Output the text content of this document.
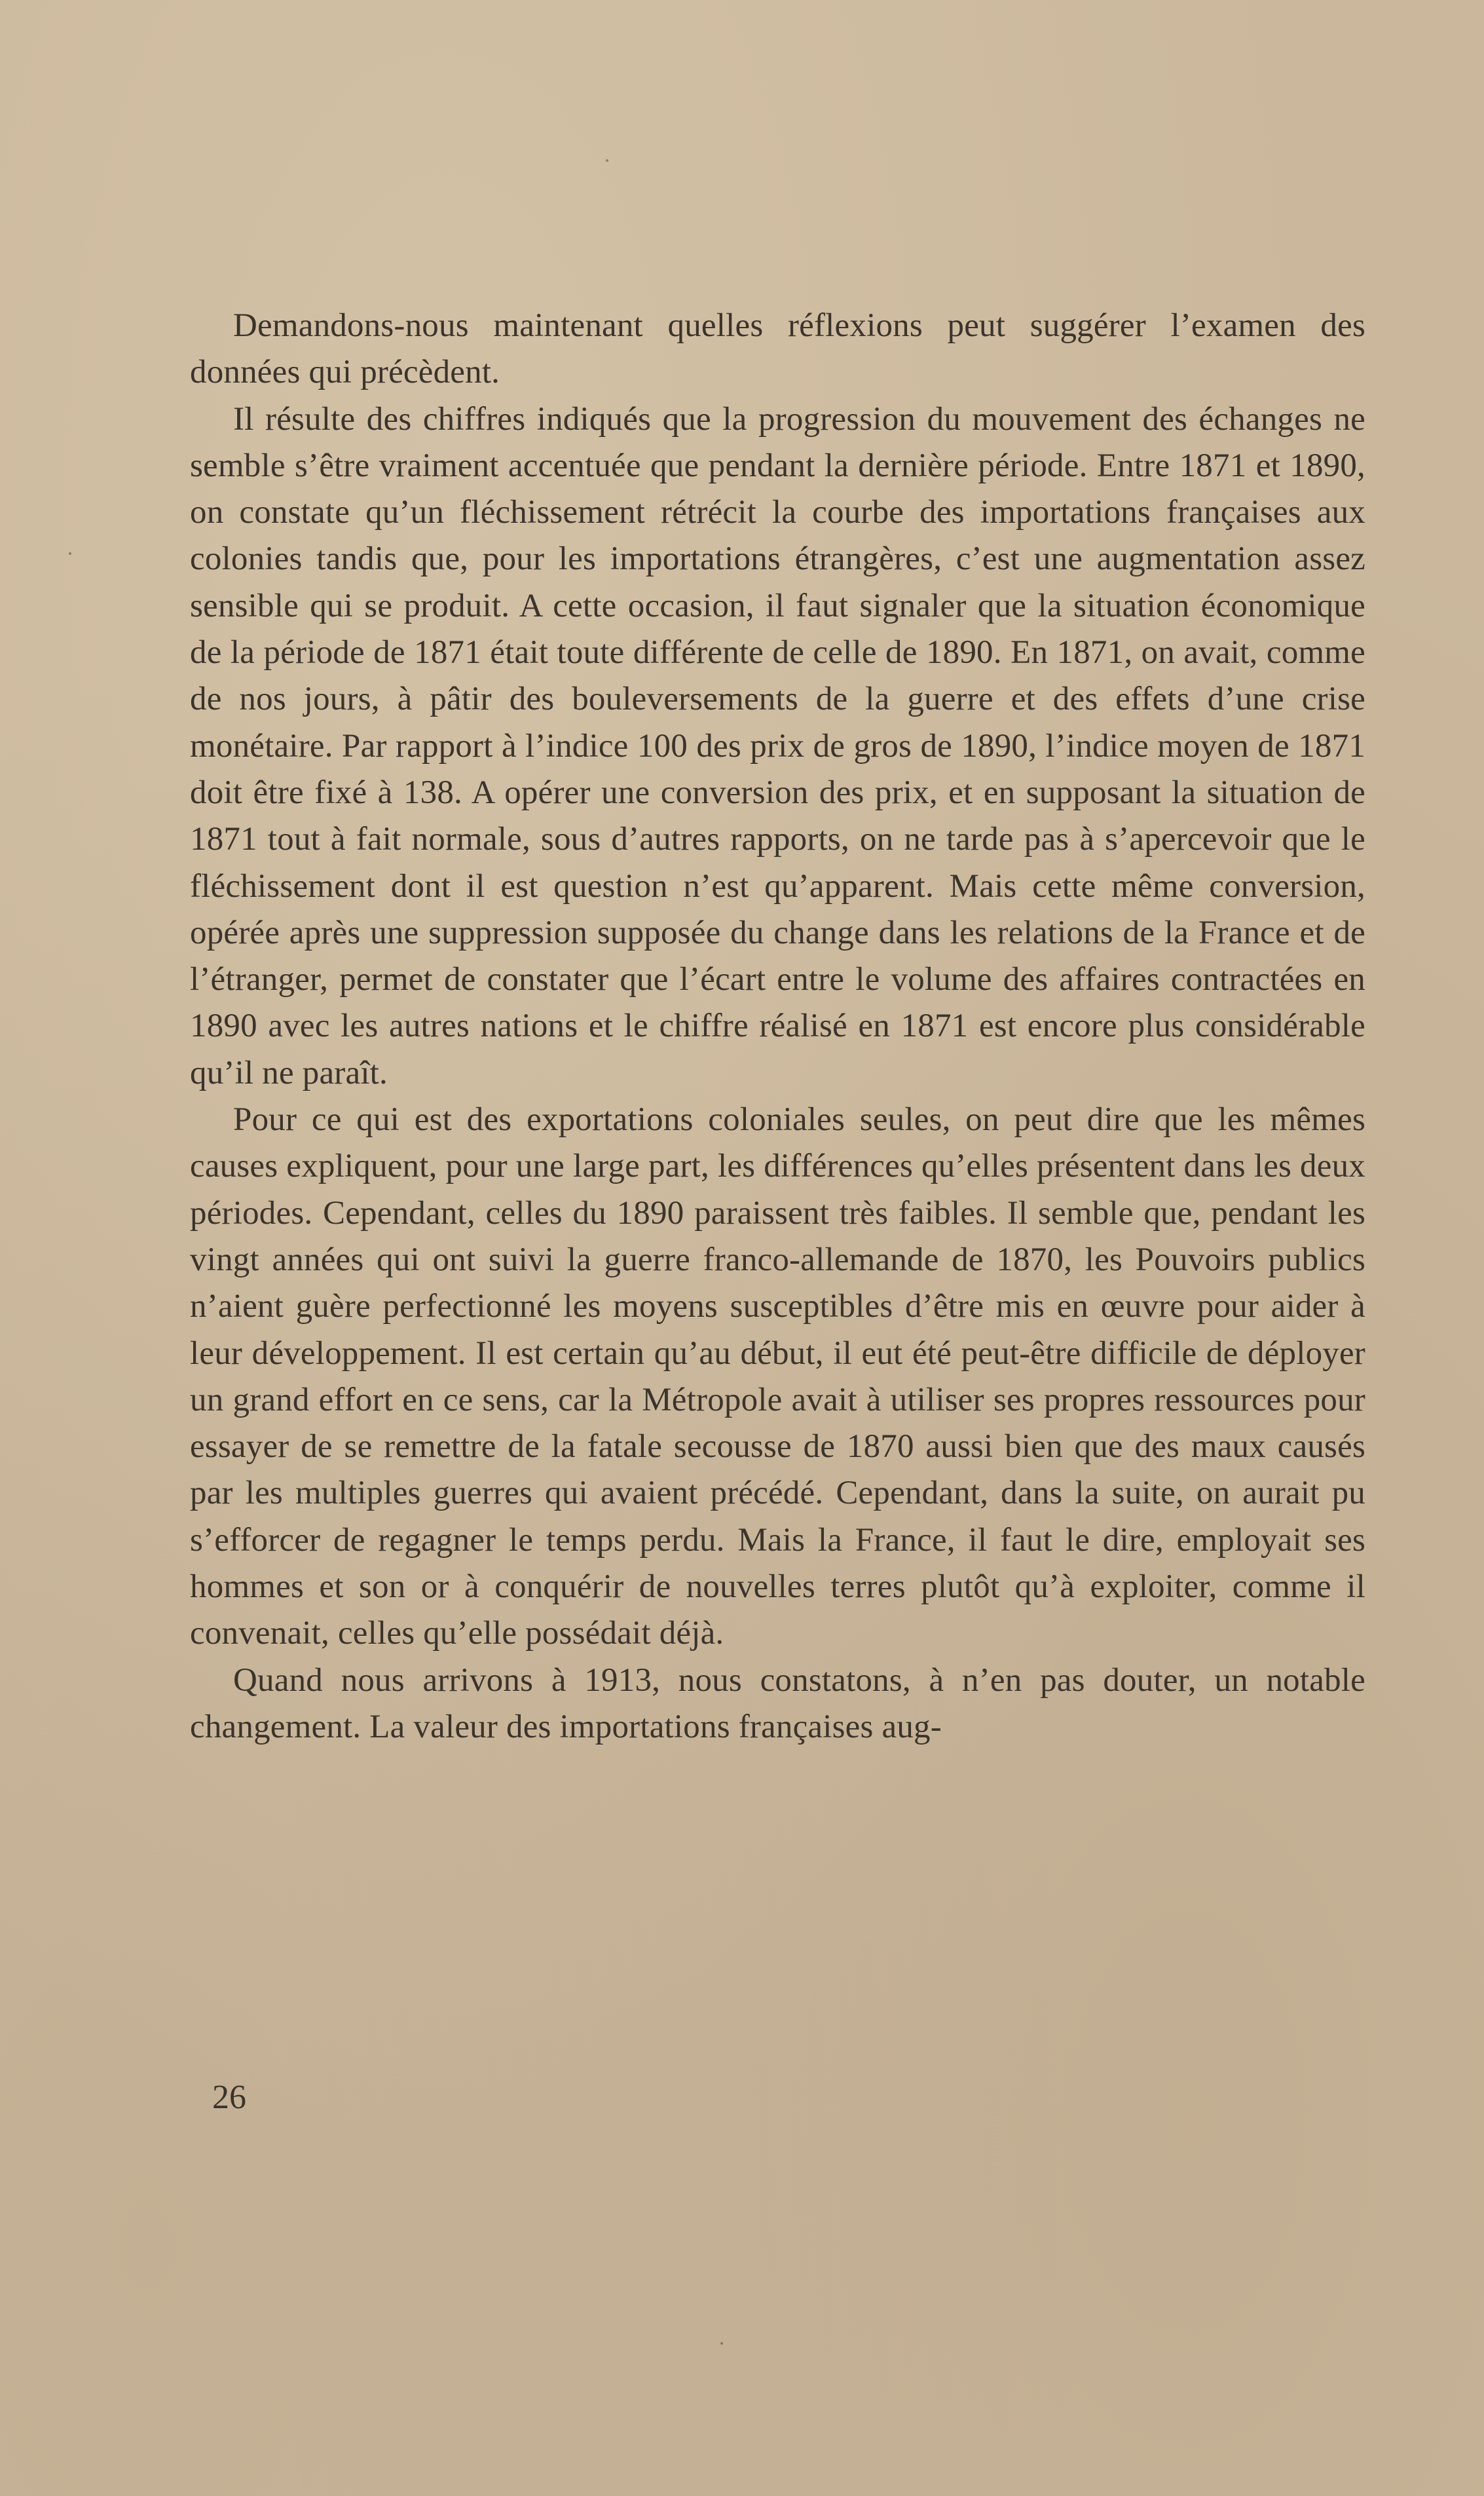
Demandons-nous maintenant quelles réflexions peut suggérer l’examen des données qui précèdent.

Il résulte des chiffres indiqués que la progression du mouvement des échanges ne semble s’être vraiment accentuée que pendant la dernière période. Entre 1871 et 1890, on constate qu’un fléchissement rétrécit la courbe des importations françaises aux colonies tandis que, pour les importations étrangères, c’est une augmentation assez sensible qui se produit. A cette occasion, il faut signaler que la situation économique de la période de 1871 était toute différente de celle de 1890. En 1871, on avait, comme de nos jours, à pâtir des bouleversements de la guerre et des effets d’une crise monétaire. Par rapport à l’indice 100 des prix de gros de 1890, l’indice moyen de 1871 doit être fixé à 138. A opérer une conversion des prix, et en supposant la situation de 1871 tout à fait normale, sous d’autres rapports, on ne tarde pas à s’apercevoir que le fléchissement dont il est question n’est qu’apparent. Mais cette même conversion, opérée après une suppression supposée du change dans les relations de la France et de l’étranger, permet de constater que l’écart entre le volume des affaires contractées en 1890 avec les autres nations et le chiffre réalisé en 1871 est encore plus considérable qu’il ne paraît.

Pour ce qui est des exportations coloniales seules, on peut dire que les mêmes causes expliquent, pour une large part, les différences qu’elles présentent dans les deux périodes. Cependant, celles du 1890 paraissent très faibles. Il semble que, pendant les vingt années qui ont suivi la guerre franco-allemande de 1870, les Pouvoirs publics n’aient guère perfectionné les moyens susceptibles d’être mis en œuvre pour aider à leur développement. Il est certain qu’au début, il eut été peut-être difficile de déployer un grand effort en ce sens, car la Métropole avait à utiliser ses propres ressources pour essayer de se remettre de la fatale secousse de 1870 aussi bien que des maux causés par les multiples guerres qui avaient précédé. Cependant, dans la suite, on aurait pu s’efforcer de regagner le temps perdu. Mais la France, il faut le dire, employait ses hommes et son or à conquérir de nouvelles terres plutôt qu’à exploiter, comme il convenait, celles qu’elle possédait déjà.

Quand nous arrivons à 1913, nous constatons, à n’en pas douter, un notable changement. La valeur des importations françaises aug-

26
